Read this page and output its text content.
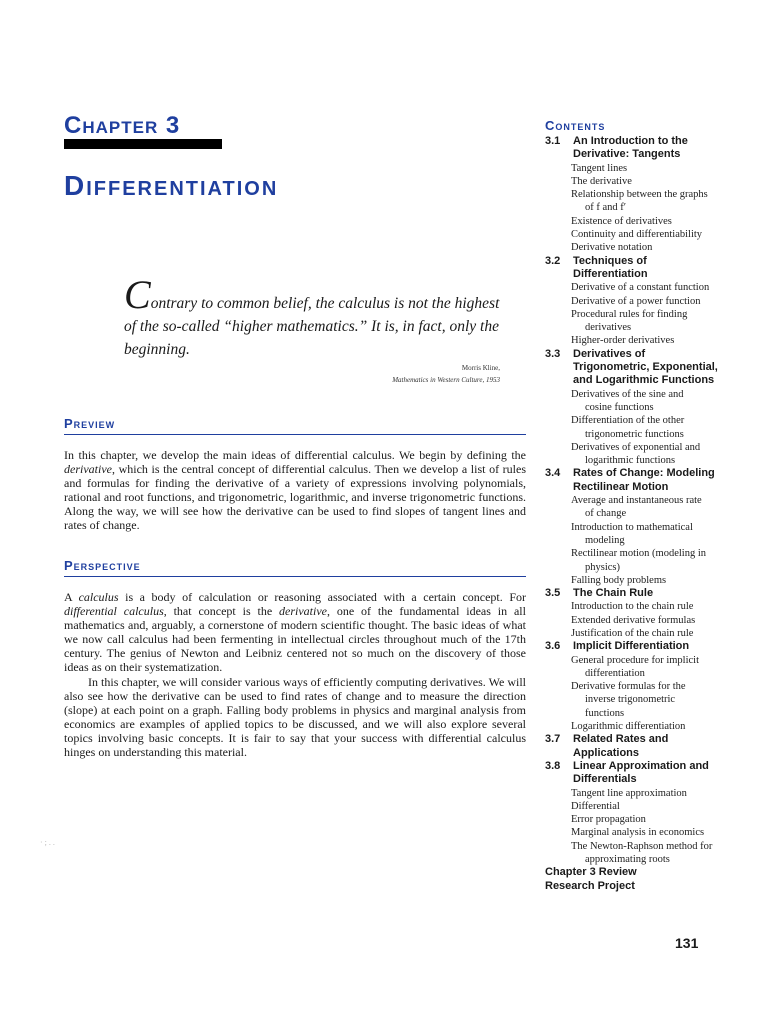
Chapter 3
Differentiation
Contrary to common belief, the calculus is not the highest of the so-called “higher mathematics.” It is, in fact, only the beginning.
Morris Kline,
Mathematics in Western Culture, 1953
Preview

In this chapter, we develop the main ideas of differential calculus. We begin by defining the derivative, which is the central concept of differential calculus. Then we develop a list of rules and formulas for finding the derivative of a variety of expressions involving polynomials, rational and root functions, and trigonometric, logarithmic, and inverse trigonometric functions. Along the way, we will see how the derivative can be used to find slopes of tangent lines and rates of change.

Perspective

A calculus is a body of calculation or reasoning associated with a certain concept. For differential calculus, that concept is the derivative, one of the fundamental ideas in all mathematics and, arguably, a cornerstone of modern scientific thought. The basic ideas of what we now call calculus had been fermenting in intellectual circles throughout much of the 17th century. The genius of Newton and Leibniz centered not so much on the discovery of those ideas as on their systematization.

In this chapter, we will consider various ways of efficiently computing derivatives. We will also see how the derivative can be used to find rates of change and to measure the direction (slope) at each point on a graph. Falling body problems in physics and marginal analysis from economics are examples of applied topics to be discussed, and we will also explore several topics involving basic concepts. It is fair to say that your success with differential calculus hinges on understanding this material.

· ; . .
Contents
3.1	An Introduction to the
Derivative: Tangents
Tangent lines
The derivative
Relationship between the graphs
of f and f′
Existence of derivatives
Continuity and differentiability
Derivative notation
3.2	Techniques of
Differentiation
Derivative of a constant function
Derivative of a power function
Procedural rules for finding
derivatives
Higher-order derivatives
3.3	Derivatives of
Trigonometric, Exponential,
and Logarithmic Functions
Derivatives of the sine and
cosine functions
Differentiation of the other
trigonometric functions
Derivatives of exponential and
logarithmic functions
3.4	Rates of Change: Modeling
Rectilinear Motion
Average and instantaneous rate
of change
Introduction to mathematical
modeling
Rectilinear motion (modeling in
physics)
Falling body problems
3.5	The Chain Rule
Introduction to the chain rule
Extended derivative formulas
Justification of the chain rule
3.6	Implicit Differentiation
General procedure for implicit
differentiation
Derivative formulas for the
inverse trigonometric
functions
Logarithmic differentiation
3.7	Related Rates and
Applications
3.8	Linear Approximation and
Differentials
Tangent line approximation
Differential
Error propagation
Marginal analysis in economics
The Newton-Raphson method for
approximating roots
Chapter 3 Review
Research Project
131
